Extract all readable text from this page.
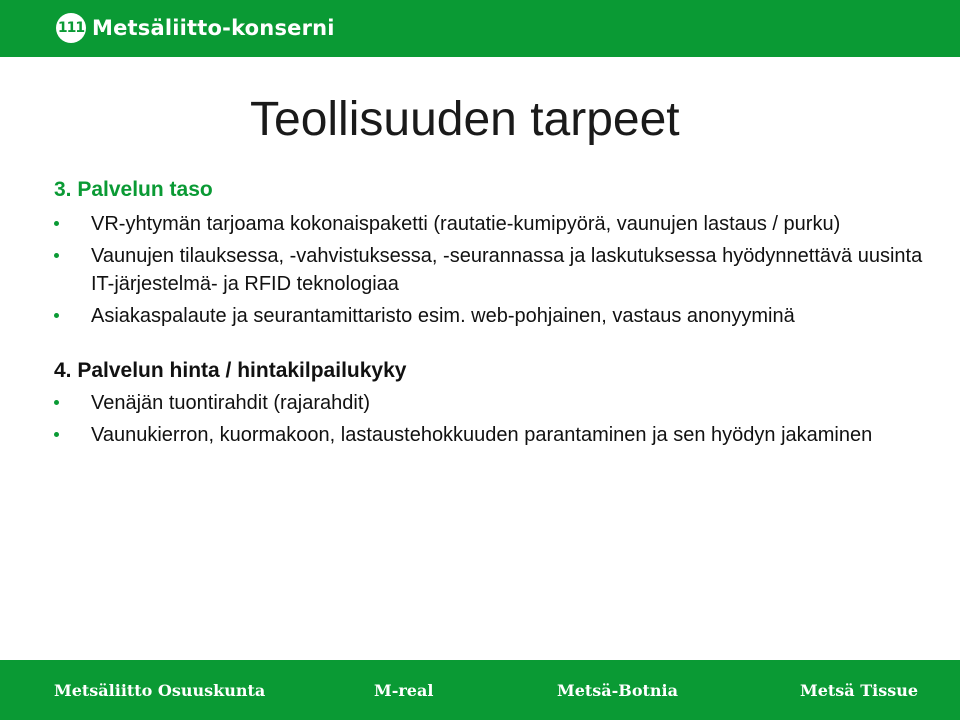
111 Metsäliitto-konserni
Teollisuuden tarpeet
3. Palvelun taso
VR-yhtymän tarjoama kokonaispaketti (rautatie-kumipyörä, vaunujen lastaus / purku)
Vaunujen tilauksessa, -vahvistuksessa, -seurannassa ja laskutuksessa hyödynnettävä uusinta IT-järjestelmä- ja RFID teknologiaa
Asiakaspalaute ja seurantamittaristo esim. web-pohjainen, vastaus anonyyminä
4. Palvelun hinta / hintakilpailukyky
Venäjän tuontirahdit (rajarahdit)
Vaunukierron, kuormakoon, lastaustehokkuuden parantaminen ja sen hyödyn jakaminen
Metsäliitto Osuuskunta	M-real	Metsä-Botnia	Metsä Tissue
